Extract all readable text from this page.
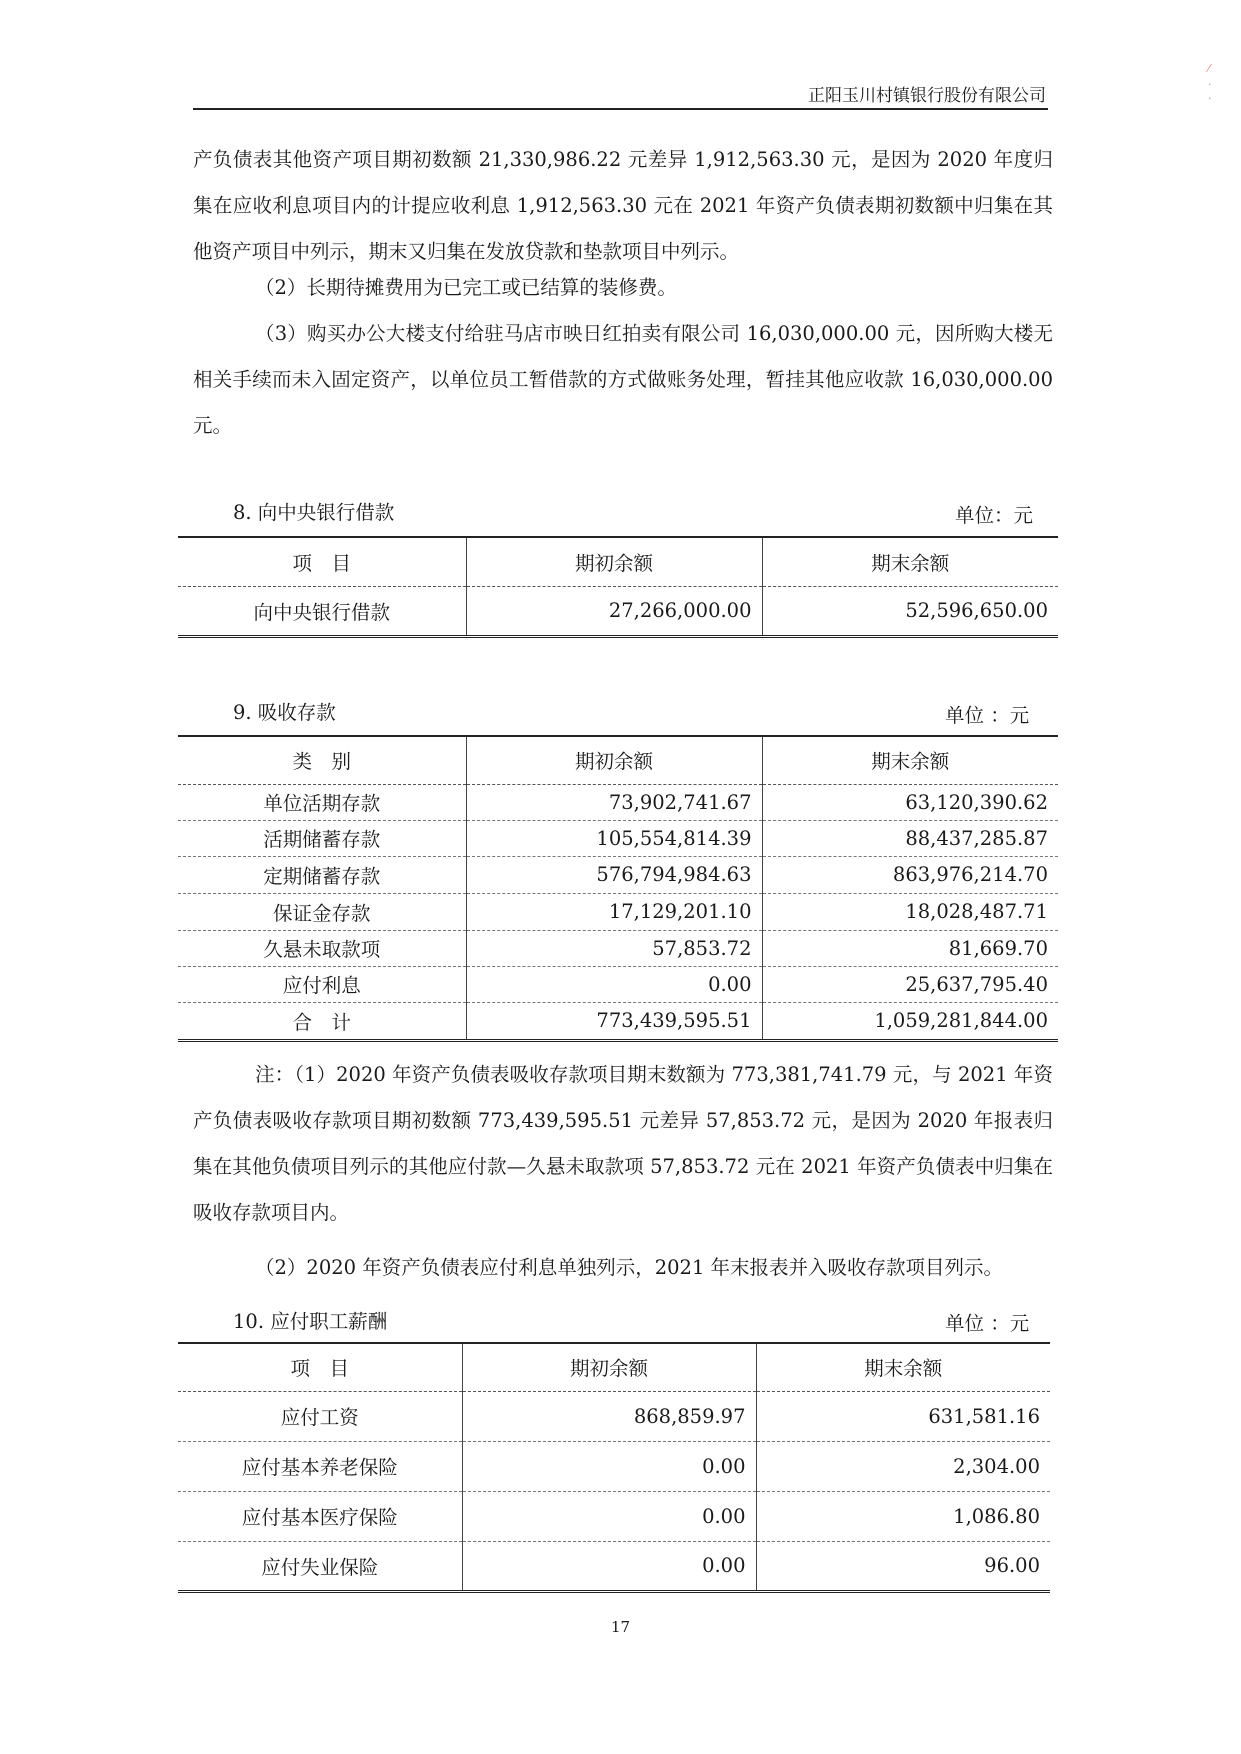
正阳玉川村镇银行股份有限公司

产负债表其他资产项目期初数额 21,330,986.22 元差异 1,912,563.30 元，是因为 2020 年度归集在应收利息项目内的计提应收利息 1,912,563.30 元在 2021 年资产负债表期初数额中归集在其他资产项目中列示，期末又归集在发放贷款和垫款项目中列示。

（2）长期待摊费用为已完工或已结算的装修费。

（3）购买办公大楼支付给驻马店市映日红拍卖有限公司 16,030,000.00 元，因所购大楼无相关手续而未入固定资产，以单位员工暂借款的方式做账务处理，暂挂其他应收款 16,030,000.00 元。

8. 向中央银行借款	单位：元
项　目	期初余额	期末余额
向中央银行借款	27,266,000.00	52,596,650.00
9. 吸收存款	单位 ：元
类　别	期初余额	期末余额
单位活期存款	73,902,741.67	63,120,390.62
活期储蓄存款	105,554,814.39	88,437,285.87
定期储蓄存款	576,794,984.63	863,976,214.70
保证金存款	17,129,201.10	18,028,487.71
久悬未取款项	57,853.72	81,669.70
应付利息	0.00	25,637,795.40
合　计	773,439,595.51	1,059,281,844.00

注：（1）2020 年资产负债表吸收存款项目期末数额为 773,381,741.79 元，与 2021 年资产负债表吸收存款项目期初数额 773,439,595.51 元差异 57,853.72 元，是因为 2020 年报表归集在其他负债项目列示的其他应付款—久悬未取款项 57,853.72 元在 2021 年资产负债表中归集在吸收存款项目内。

（2）2020 年资产负债表应付利息单独列示，2021 年末报表并入吸收存款项目列示。

10. 应付职工薪酬	单位 ：元
项　目	期初余额	期末余额
应付工资	868,859.97	631,581.16
应付基本养老保险	0.00	2,304.00
应付基本医疗保险	0.00	1,086.80
应付失业保险	0.00	96.00
17
⁄
·
·
